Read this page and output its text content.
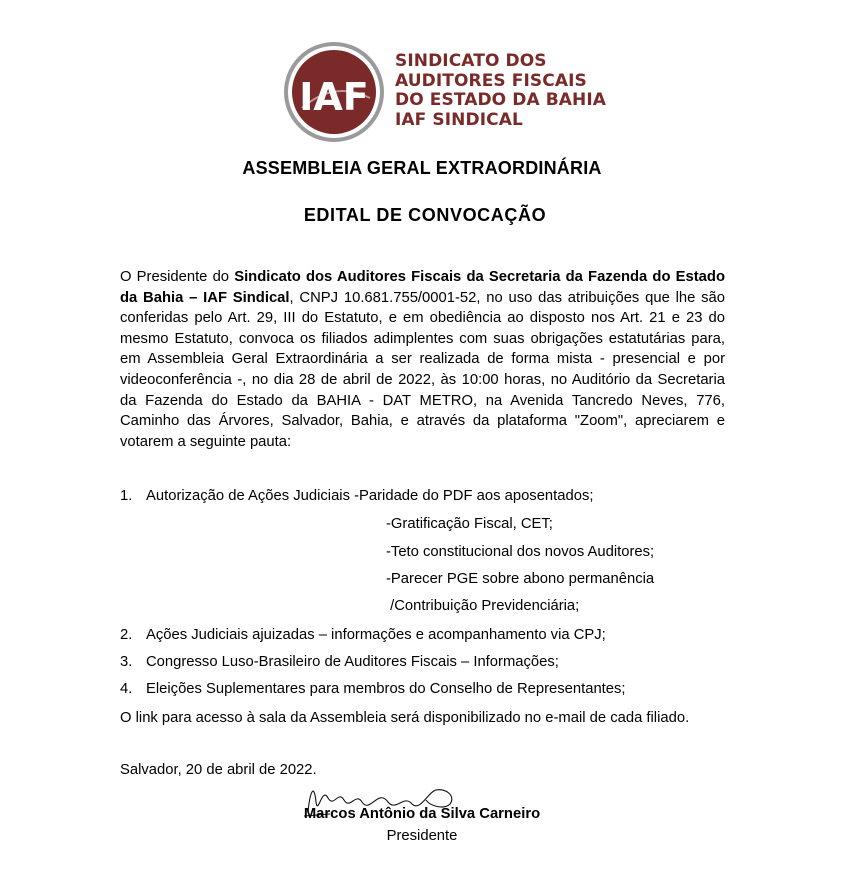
IAF
SINDICATO DOS
AUDITORES FISCAIS
DO ESTADO DA BAHIA
IAF SINDICAL
ASSEMBLEIA GERAL EXTRAORDINÁRIA
EDITAL DE CONVOCAÇÃO
O Presidente do Sindicato dos Auditores Fiscais da Secretaria da Fazenda do Estado da Bahia – IAF Sindical, CNPJ 10.681.755/0001-52, no uso das atribuições que lhe são conferidas pelo Art. 29, III do Estatuto, e em obediência ao disposto nos Art. 21 e 23 do mesmo Estatuto, convoca os filiados adimplentes com suas obrigações estatutárias para, em Assembleia Geral Extraordinária a ser realizada de forma mista - presencial e por videoconferência -, no dia 28 de abril de 2022, às 10:00 horas, no Auditório da Secretaria da Fazenda do Estado da BAHIA - DAT METRO, na Avenida Tancredo Neves, 776, Caminho das Árvores, Salvador, Bahia, e através da plataforma "Zoom", apreciarem e votarem a seguinte pauta:
1. Autorização de Ações Judiciais -Paridade do PDF aos aposentados;
-Gratificação Fiscal, CET;
-Teto constitucional dos novos Auditores;
-Parecer PGE sobre abono permanência
/Contribuição Previdenciária;
2. Ações Judiciais ajuizadas – informações e acompanhamento via CPJ;
3. Congresso Luso-Brasileiro de Auditores Fiscais – Informações;
4. Eleições Suplementares para membros do Conselho de Representantes;
O link para acesso à sala da Assembleia será disponibilizado no e-mail de cada filiado.
Salvador, 20 de abril de 2022.
Marcos Antônio da Silva Carneiro
Presidente
